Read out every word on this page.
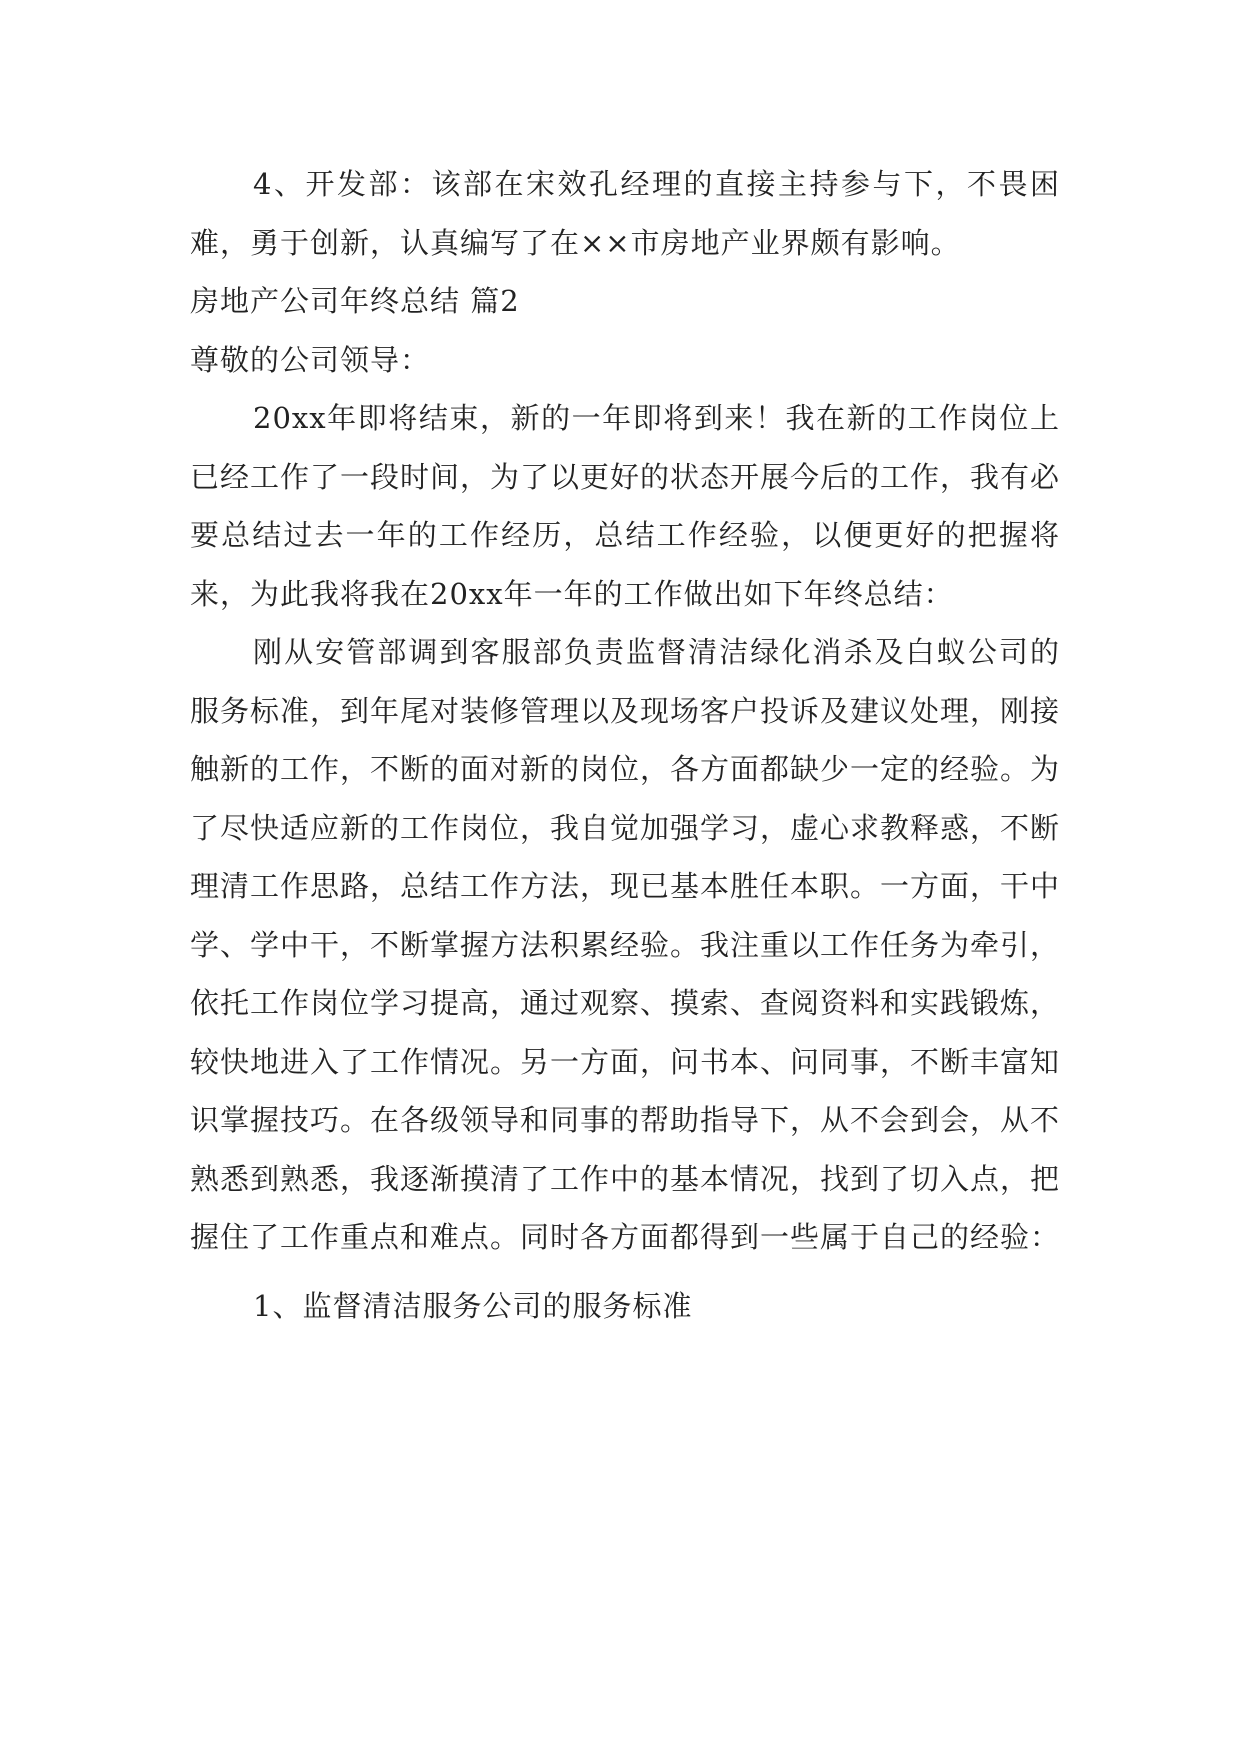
4、开发部：该部在宋效孔经理的直接主持参与下，不畏困难，勇于创新，认真编写了在××市房地产业界颇有影响。

房地产公司年终总结 篇2

尊敬的公司领导：

20xx年即将结束，新的一年即将到来！我在新的工作岗位上已经工作了一段时间，为了以更好的状态开展今后的工作，我有必要总结过去一年的工作经历，总结工作经验，以便更好的把握将来，为此我将我在20xx年一年的工作做出如下年终总结：

刚从安管部调到客服部负责监督清洁绿化消杀及白蚁公司的服务标准，到年尾对装修管理以及现场客户投诉及建议处理，刚接触新的工作，不断的面对新的岗位，各方面都缺少一定的经验。为了尽快适应新的工作岗位，我自觉加强学习，虚心求教释惑，不断理清工作思路，总结工作方法，现已基本胜任本职。一方面，干中学、学中干，不断掌握方法积累经验。我注重以工作任务为牵引，依托工作岗位学习提高，通过观察、摸索、查阅资料和实践锻炼，较快地进入了工作情况。另一方面，问书本、问同事，不断丰富知识掌握技巧。在各级领导和同事的帮助指导下，从不会到会，从不熟悉到熟悉，我逐渐摸清了工作中的基本情况，找到了切入点，把握住了工作重点和难点。同时各方面都得到一些属于自己的经验：

1、监督清洁服务公司的服务标准
